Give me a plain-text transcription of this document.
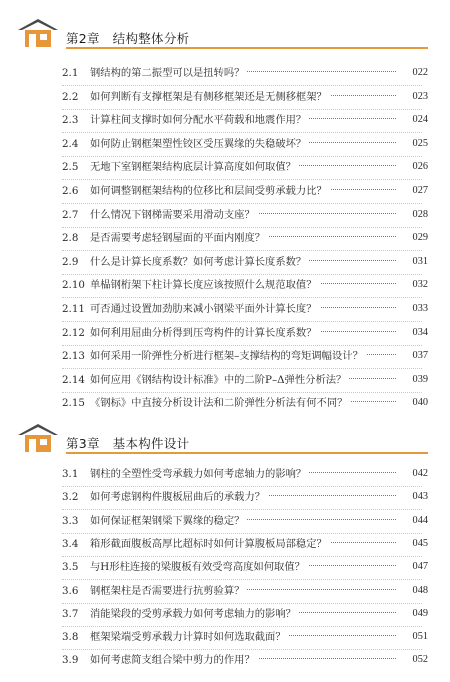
第2章　结构整体分析
2.1	钢结构的第二振型可以是扭转吗？	022
2.2	如何判断有支撑框架是有侧移框架还是无侧移框架？	023
2.3	计算柱间支撑时如何分配水平荷载和地震作用？	024
2.4	如何防止钢框架塑性铰区受压翼缘的失稳破坏？	025
2.5	无地下室钢框架结构底层计算高度如何取值？	026
2.6	如何调整钢框架结构的位移比和层间受剪承载力比？	027
2.7	什么情况下钢梯需要采用滑动支座？	028
2.8	是否需要考虑轻钢屋面的平面内刚度？	029
2.9	什么是计算长度系数？如何考虑计算长度系数？	031
2.10 单榀钢桁架下柱计算长度应该按照什么规范取值？	032
2.11 可否通过设置加劲肋来减小钢梁平面外计算长度？	033
2.12 如何利用屈曲分析得到压弯构件的计算长度系数？	034
2.13 如何采用一阶弹性分析进行框架–支撑结构的弯矩调幅设计？	037
2.14 如何应用《钢结构设计标准》中的二阶P–Δ弹性分析法？	039
2.15 《钢标》中直接分析设计法和二阶弹性分析法有何不同？	040
第3章　基本构件设计
3.1	钢柱的全塑性受弯承载力如何考虑轴力的影响？	042
3.2	如何考虑钢构件腹板屈曲后的承载力？	043
3.3	如何保证框架钢梁下翼缘的稳定？	044
3.4	箱形截面腹板高厚比超标时如何计算腹板局部稳定？	045
3.5	与H形柱连接的梁腹板有效受弯高度如何取值？	047
3.6	钢框架柱是否需要进行抗剪验算？	048
3.7	消能梁段的受剪承载力如何考虑轴力的影响？	049
3.8	框架梁端受剪承载力计算时如何选取截面？	051
3.9	如何考虑简支组合梁中剪力的作用？	052
